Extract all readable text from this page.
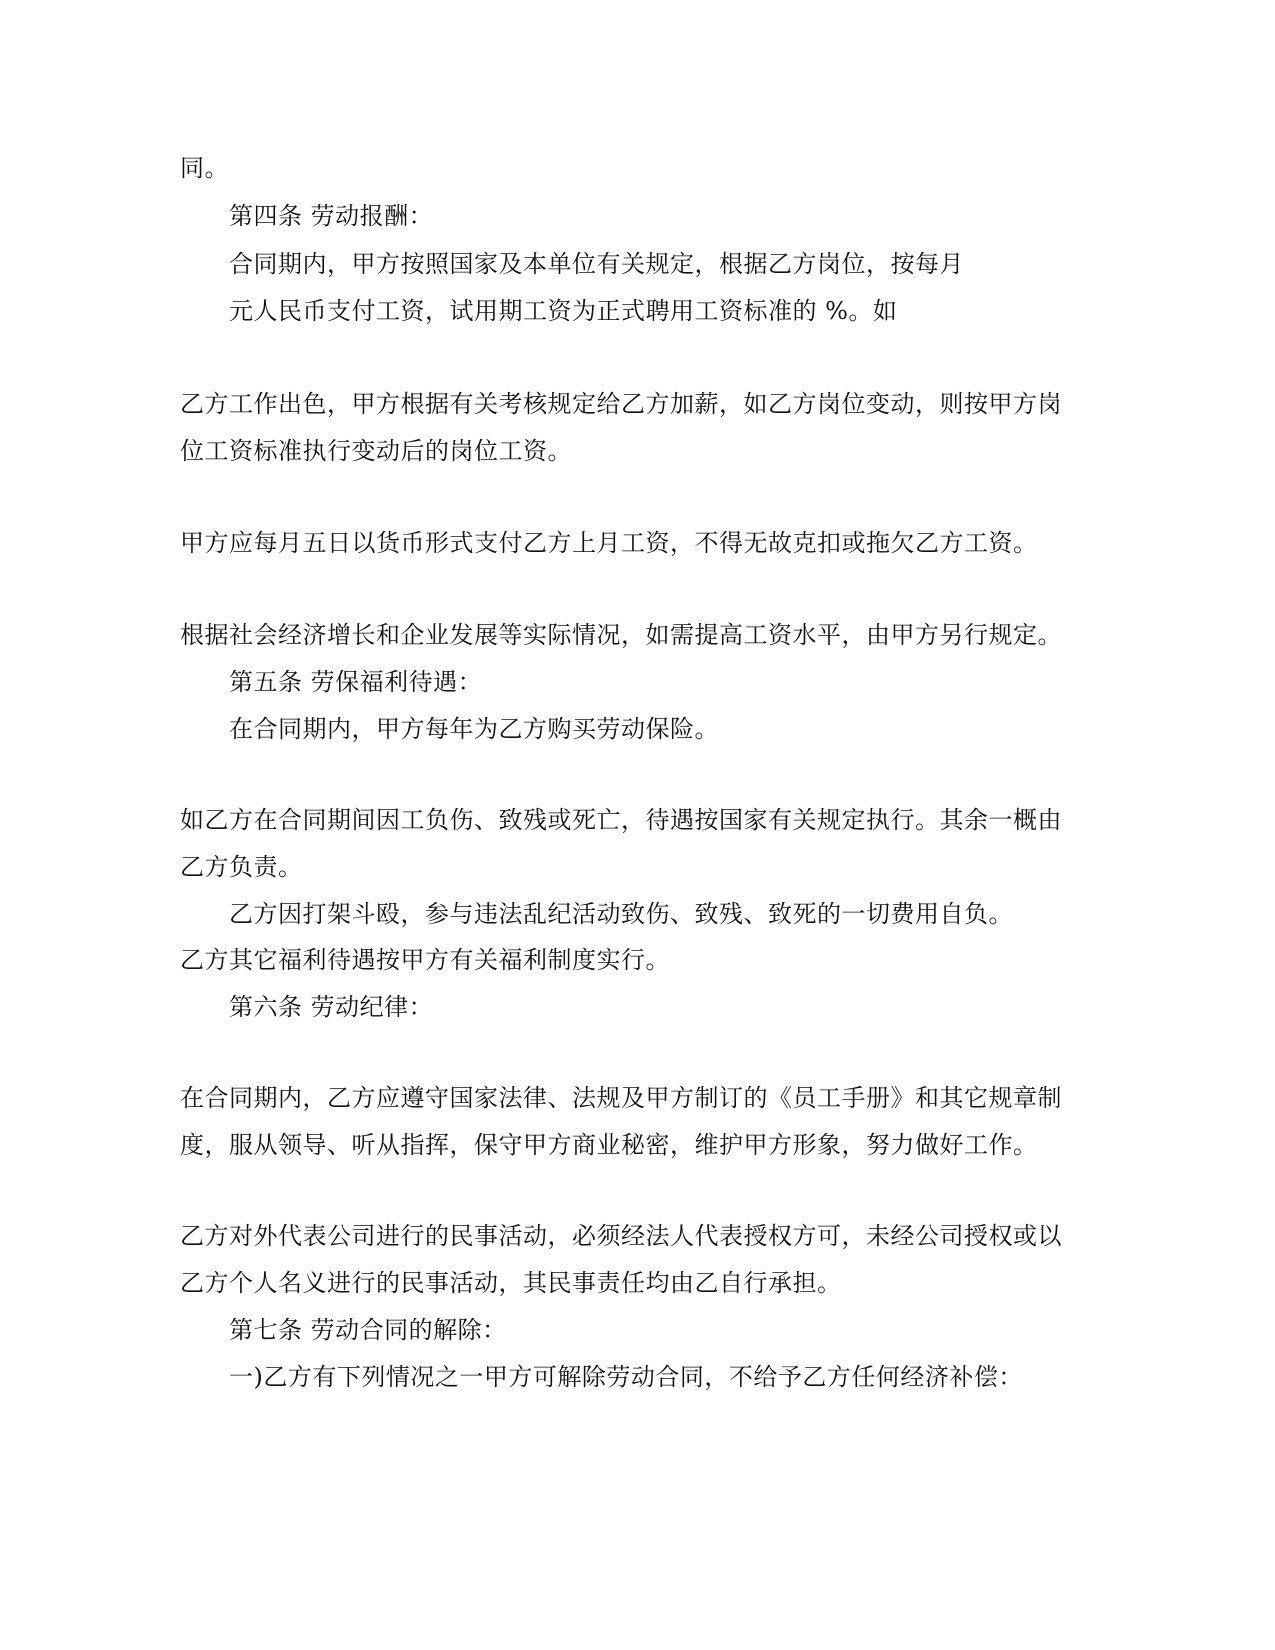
同。
第四条 劳动报酬：
合同期内，甲方按照国家及本单位有关规定，根据乙方岗位，按每月
元人民币支付工资，试用期工资为正式聘用工资标准的 %。如
乙方工作出色，甲方根据有关考核规定给乙方加薪，如乙方岗位变动，则按甲方岗
位工资标准执行变动后的岗位工资。
甲方应每月五日以货币形式支付乙方上月工资，不得无故克扣或拖欠乙方工资。
根据社会经济增长和企业发展等实际情况，如需提高工资水平，由甲方另行规定。
第五条 劳保福利待遇：
在合同期内，甲方每年为乙方购买劳动保险。
如乙方在合同期间因工负伤、致残或死亡，待遇按国家有关规定执行。其余一概由
乙方负责。
乙方因打架斗殴，参与违法乱纪活动致伤、致残、致死的一切费用自负。
乙方其它福利待遇按甲方有关福利制度实行。
第六条 劳动纪律：
在合同期内，乙方应遵守国家法律、法规及甲方制订的《员工手册》和其它规章制
度，服从领导、听从指挥，保守甲方商业秘密，维护甲方形象，努力做好工作。
乙方对外代表公司进行的民事活动，必须经法人代表授权方可，未经公司授权或以
乙方个人名义进行的民事活动，其民事责任均由乙自行承担。
第七条 劳动合同的解除：
一)乙方有下列情况之一甲方可解除劳动合同，不给予乙方任何经济补偿：
